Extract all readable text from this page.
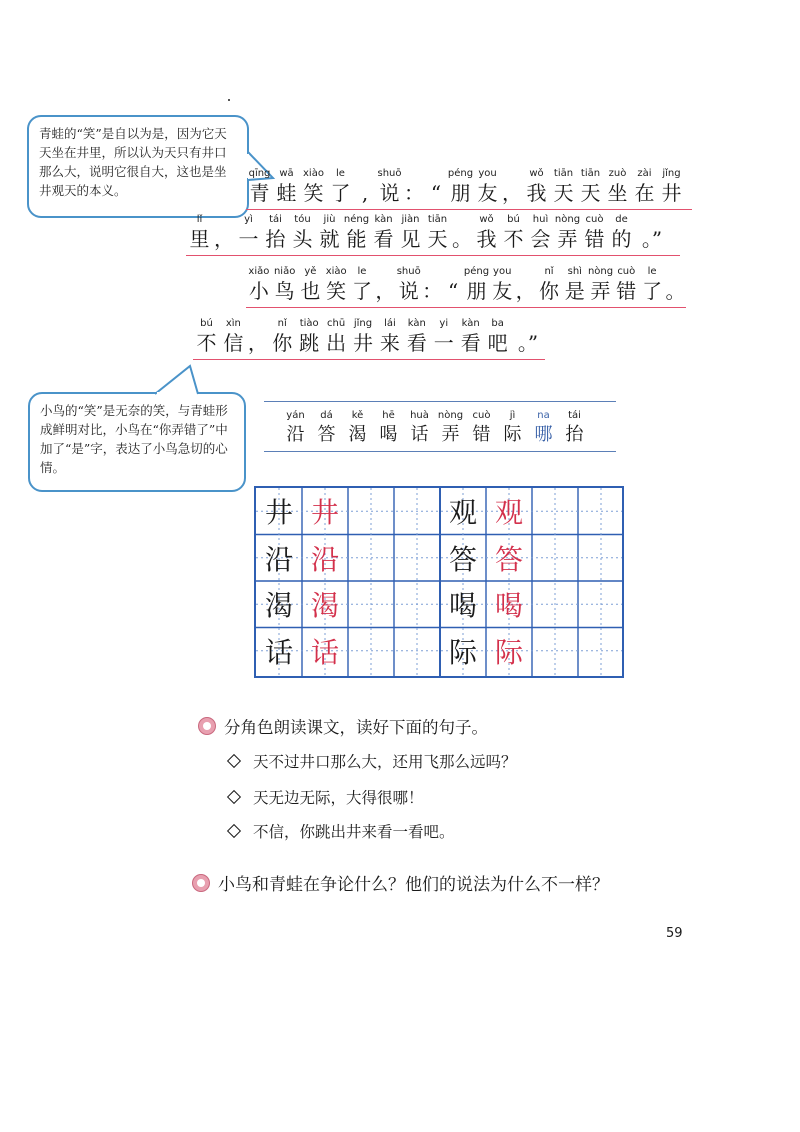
青蛙的“笑”是自以为是，因为它天天坐在井里，所以认为天只有井口那么大，说明它很自大，这也是坐井观天的本义。
小鸟的“笑”是无奈的笑，与青蛙形成鲜明对比，小鸟在“你弄错了”中加了“是”字，表达了小鸟急切的心情。
qīng
青
wā
蛙
xiào
笑
le
了 ,
shuō
说 ： “
péng
朋
you
友 ，
wǒ
我
tiān
天
tiān
天
zuò
坐
zài
在
jǐng
井
lǐ
里 ，
yì
一
tái
抬
tóu
头
jiù
就
néng
能
kàn
看
jiàn
见
tiān
天 。
wǒ
我
bú
不
huì
会
nòng
弄
cuò
错
de
的 。”
xiǎo
小
niǎo
鸟
yě
也
xiào
笑
le
了 ，
shuō
说 ： “
péng
朋
you
友 ，
nǐ
你
shì
是
nòng
弄
cuò
错
le
了 。
bú
不
xìn
信 ，
nǐ
你
tiào
跳
chū
出
jǐng
井
lái
来
kàn
看
yi
一
kàn
看
ba
吧 。”
yán
沿
dá
答
kě
渴
hē
喝
huà
话
nòng
弄
cuò
错
jì
际
na
哪
tái
抬
井 井
沿 沿
渴 渴
话 话
观 观
答 答
喝 喝
际 际
分角色朗读课文，读好下面的句子。
天不过井口那么大，还用飞那么远吗？
天无边无际，大得很哪！
不信，你跳出井来看一看吧。
小鸟和青蛙在争论什么？他们的说法为什么不一样？
59
